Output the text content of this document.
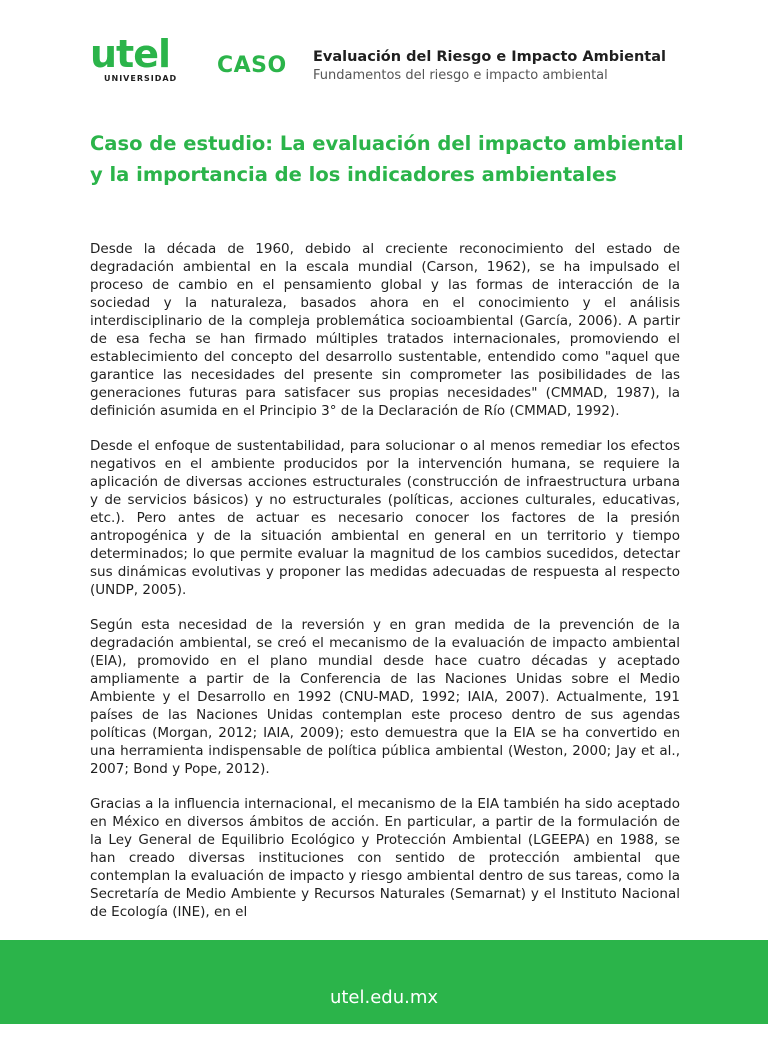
utel
UNIVERSIDAD
CASO Evaluación del Riesgo e Impacto Ambiental
Fundamentos del riesgo e impacto ambiental
Caso de estudio: La evaluación del impacto ambiental y la importancia de los indicadores ambientales

Desde la década de 1960, debido al creciente reconocimiento del estado de degradación ambiental en la escala mundial (Carson, 1962), se ha impulsado el proceso de cambio en el pensamiento global y las formas de interacción de la sociedad y la naturaleza, basados ahora en el conocimiento y el análisis interdisciplinario de la compleja problemática socioambiental (García, 2006). A partir de esa fecha se han firmado múltiples tratados internacionales, promoviendo el establecimiento del concepto del desarrollo sustentable, entendido como "aquel que garantice las necesidades del presente sin comprometer las posibilidades de las generaciones futuras para satisfacer sus propias necesidades" (CMMAD, 1987), la definición asumida en el Principio 3° de la Declaración de Río (CMMAD, 1992).

Desde el enfoque de sustentabilidad, para solucionar o al menos remediar los efectos negativos en el ambiente producidos por la intervención humana, se requiere la aplicación de diversas acciones estructurales (construcción de infraestructura urbana y de servicios básicos) y no estructurales (políticas, acciones culturales, educativas, etc.). Pero antes de actuar es necesario conocer los factores de la presión antropogénica y de la situación ambiental en general en un territorio y tiempo determinados; lo que permite evaluar la magnitud de los cambios sucedidos, detectar sus dinámicas evolutivas y proponer las medidas adecuadas de respuesta al respecto (UNDP, 2005).

Según esta necesidad de la reversión y en gran medida de la prevención de la degradación ambiental, se creó el mecanismo de la evaluación de impacto ambiental (EIA), promovido en el plano mundial desde hace cuatro décadas y aceptado ampliamente a partir de la Conferencia de las Naciones Unidas sobre el Medio Ambiente y el Desarrollo en 1992 (CNU-MAD, 1992; IAIA, 2007). Actualmente, 191 países de las Naciones Unidas contemplan este proceso dentro de sus agendas políticas (Morgan, 2012; IAIA, 2009); esto demuestra que la EIA se ha convertido en una herramienta indispensable de política pública ambiental (Weston, 2000; Jay et al., 2007; Bond y Pope, 2012).

Gracias a la influencia internacional, el mecanismo de la EIA también ha sido aceptado en México en diversos ámbitos de acción. En particular, a partir de la formulación de la Ley General de Equilibrio Ecológico y Protección Ambiental (LGEEPA) en 1988, se han creado diversas instituciones con sentido de protección ambiental que contemplan la evaluación de impacto y riesgo ambiental dentro de sus tareas, como la Secretaría de Medio Ambiente y Recursos Naturales (Semarnat) y el Instituto Nacional de Ecología (INE), en el

utel.edu.mx
